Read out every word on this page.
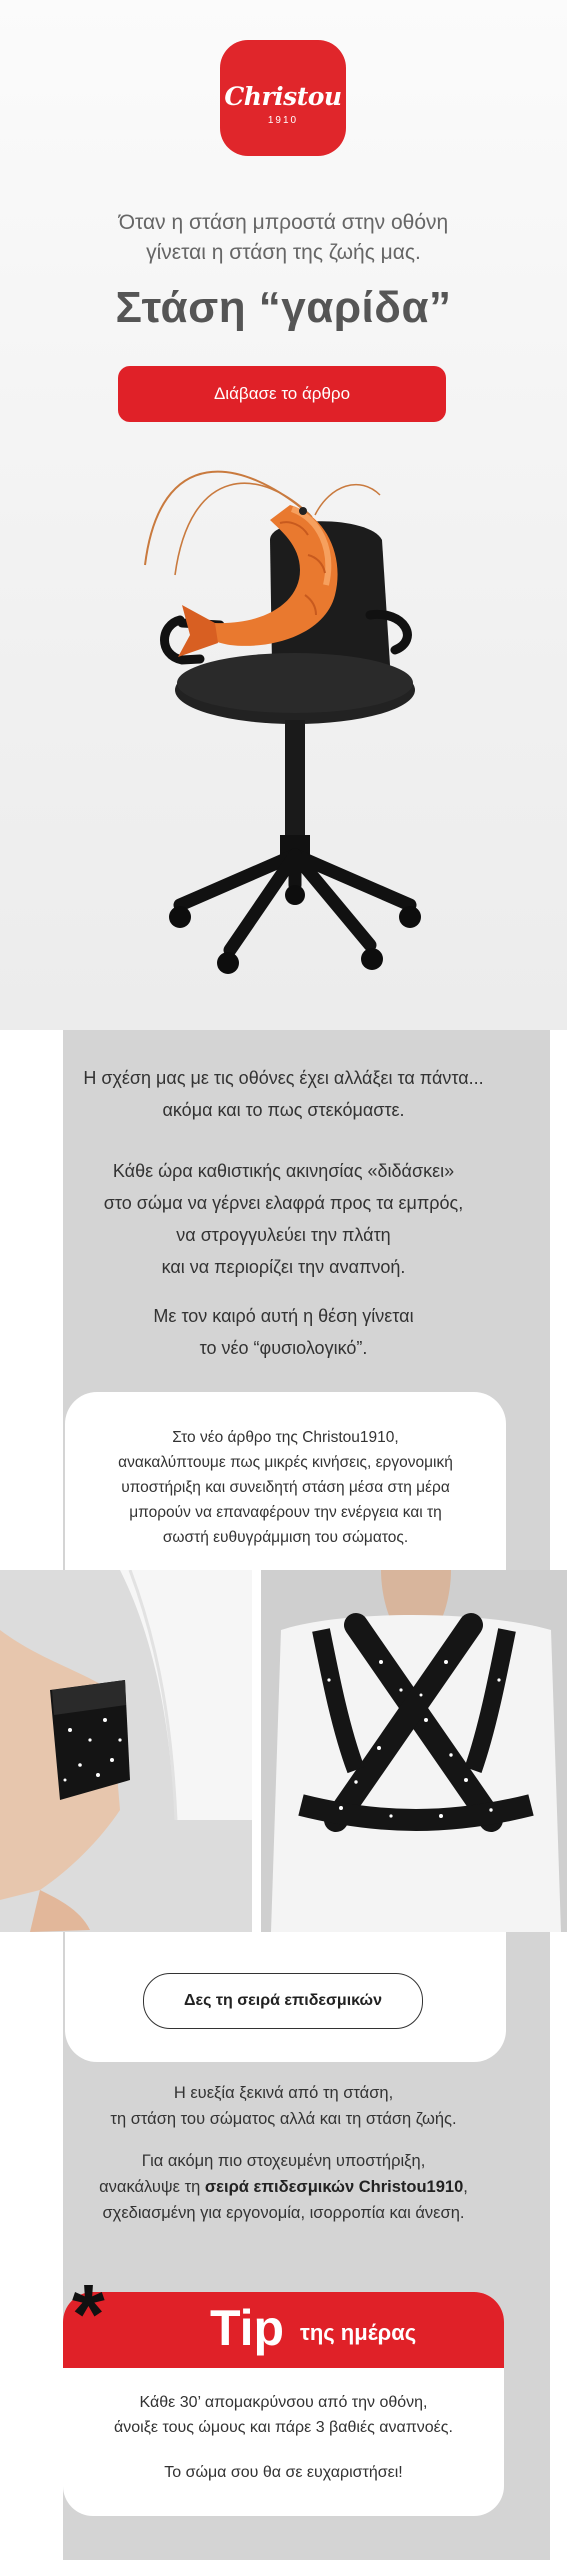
Christou
1910
Όταν η στάση μπροστά στην οθόνη
γίνεται η στάση της ζωής μας.
Στάση “γαρίδα”
Διάβασε το άρθρο
Η σχέση μας με τις οθόνες έχει αλλάξει τα πάντα...
ακόμα και το πως στεκόμαστε.
Κάθε ώρα καθιστικής ακινησίας «διδάσκει»
στο σώμα να γέρνει ελαφρά προς τα εμπρός,
να στρογγυλεύει την πλάτη
και να περιορίζει την αναπνοή.
Με τον καιρό αυτή η θέση γίνεται
το νέο “φυσιολογικό”.
Στο νέο άρθρο της Christou1910,
ανακαλύπτουμε πως μικρές κινήσεις, εργονομική
υποστήριξη και συνειδητή στάση μέσα στη μέρα
μπορούν να επαναφέρουν την ενέργεια και τη
σωστή ευθυγράμμιση του σώματος.
Δες τη σειρά επιδεσμικών
Η ευεξία ξεκινά από τη στάση,
τη στάση του σώματος αλλά και τη στάση ζωής.
Για ακόμη πιο στοχευμένη υποστήριξη,
ανακάλυψε τη σειρά επιδεσμικών Christou1910,
σχεδιασμένη για εργονομία, ισορροπία και άνεση.
* Tip της ημέρας
Κάθε 30’ απομακρύνσου από την οθόνη,
άνοιξε τους ώμους και πάρε 3 βαθιές αναπνοές.
Το σώμα σου θα σε ευχαριστήσει!
